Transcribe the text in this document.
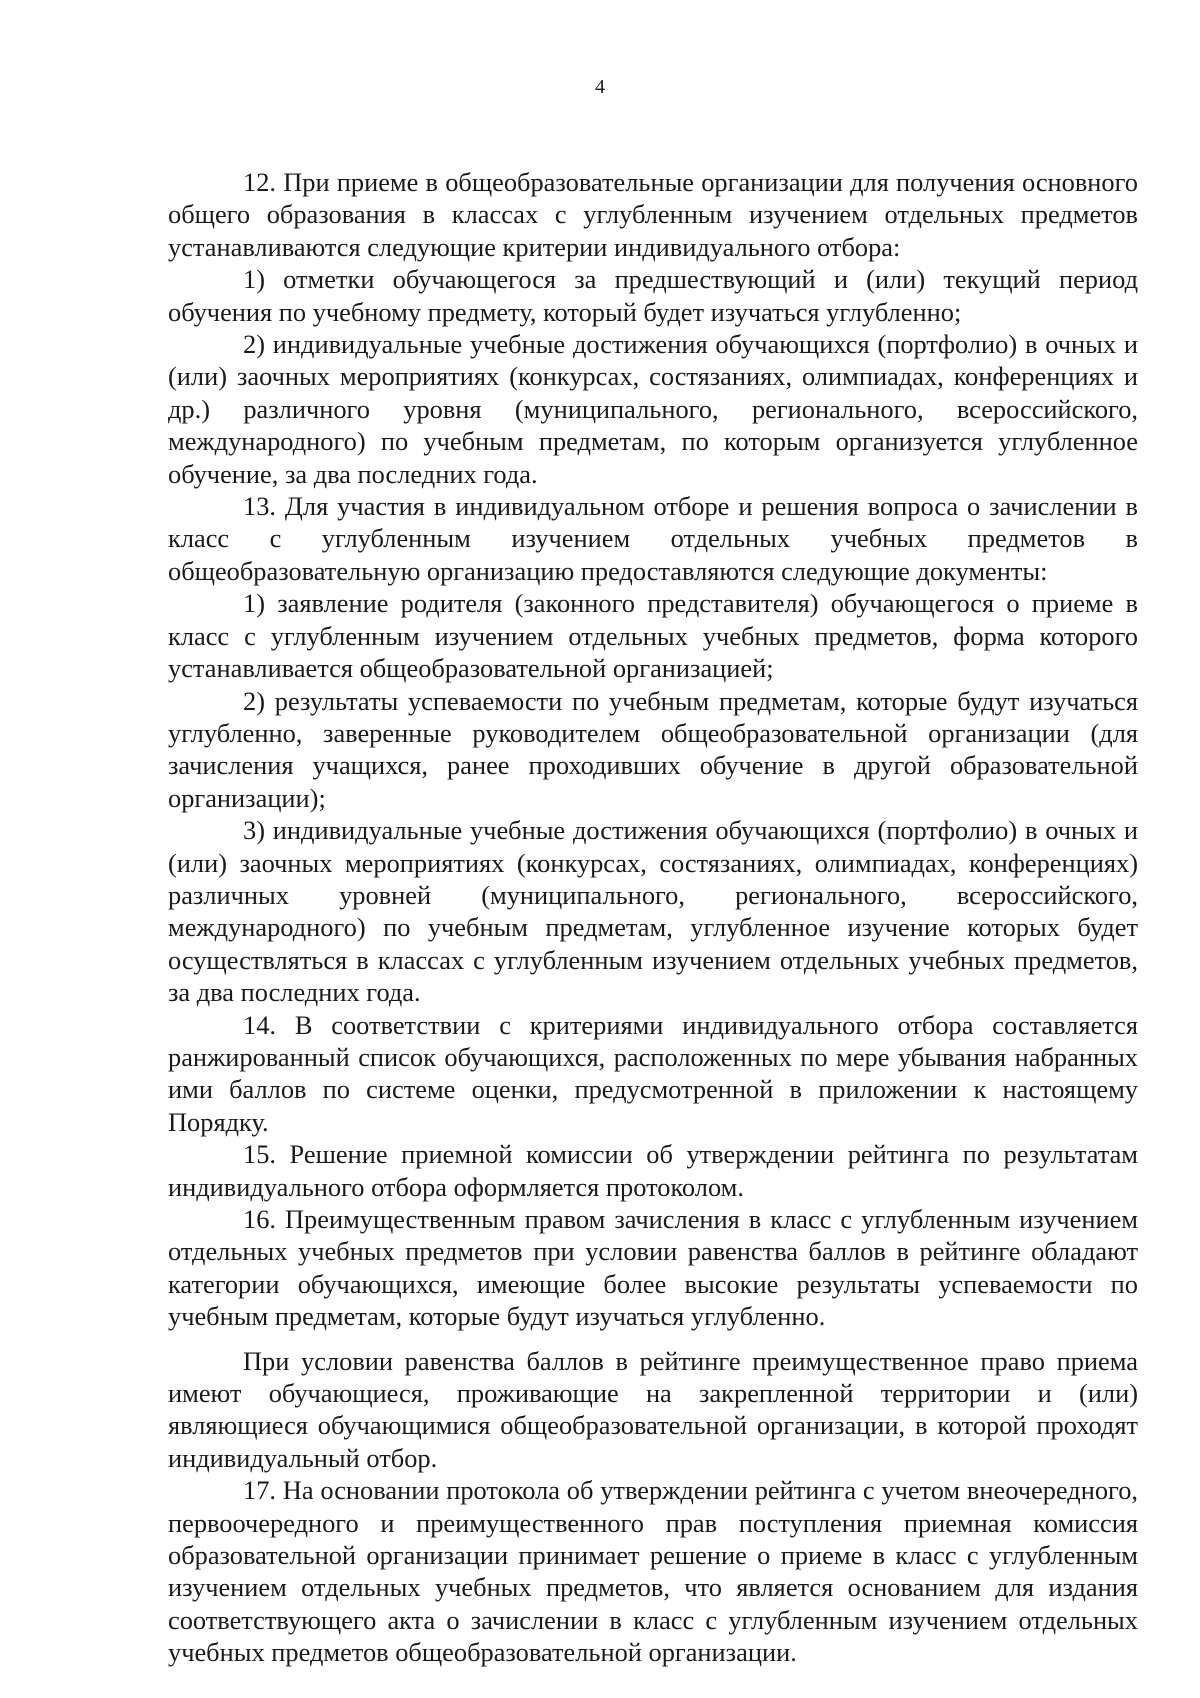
4

12. При приеме в общеобразовательные организации для получения основного общего образования в классах с углубленным изучением отдельных предметов устанавливаются следующие критерии индивидуального отбора:

1) отметки обучающегося за предшествующий и (или) текущий период обучения по учебному предмету, который будет изучаться углубленно;

2) индивидуальные учебные достижения обучающихся (портфолио) в очных и (или) заочных мероприятиях (конкурсах, состязаниях, олимпиадах, конференциях и др.) различного уровня (муниципального, регионального, всероссийского, международного) по учебным предметам, по которым организуется углубленное обучение, за два последних года.

13. Для участия в индивидуальном отборе и решения вопроса о зачислении в класс с углубленным изучением отдельных учебных предметов в общеобразовательную организацию предоставляются следующие документы:

1) заявление родителя (законного представителя) обучающегося о приеме в класс с углубленным изучением отдельных учебных предметов, форма которого устанавливается общеобразовательной организацией;

2) результаты успеваемости по учебным предметам, которые будут изучаться углубленно, заверенные руководителем общеобразовательной организации (для зачисления учащихся, ранее проходивших обучение в другой образовательной организации);

3) индивидуальные учебные достижения обучающихся (портфолио) в очных и (или) заочных мероприятиях (конкурсах, состязаниях, олимпиадах, конференциях) различных уровней (муниципального, регионального, всероссийского, международного) по учебным предметам, углубленное изучение которых будет осуществляться в классах с углубленным изучением отдельных учебных предметов, за два последних года.

14. В соответствии с критериями индивидуального отбора составляется ранжированный список обучающихся, расположенных по мере убывания набранных ими баллов по системе оценки, предусмотренной в приложении к настоящему Порядку.

15. Решение приемной комиссии об утверждении рейтинга по результатам индивидуального отбора оформляется протоколом.

16. Преимущественным правом зачисления в класс с углубленным изучением отдельных учебных предметов при условии равенства баллов в рейтинге обладают категории обучающихся, имеющие более высокие результаты успеваемости по учебным предметам, которые будут изучаться углубленно.

При условии равенства баллов в рейтинге преимущественное право приема имеют обучающиеся, проживающие на закрепленной территории и (или) являющиеся обучающимися общеобразовательной организации, в которой проходят индивидуальный отбор.

17. На основании протокола об утверждении рейтинга с учетом внеочередного, первоочередного и преимущественного прав поступления приемная комиссия образовательной организации принимает решение о приеме в класс с углубленным изучением отдельных учебных предметов, что является основанием для издания соответствующего акта о зачислении в класс с углубленным изучением отдельных учебных предметов общеобразовательной организации.
